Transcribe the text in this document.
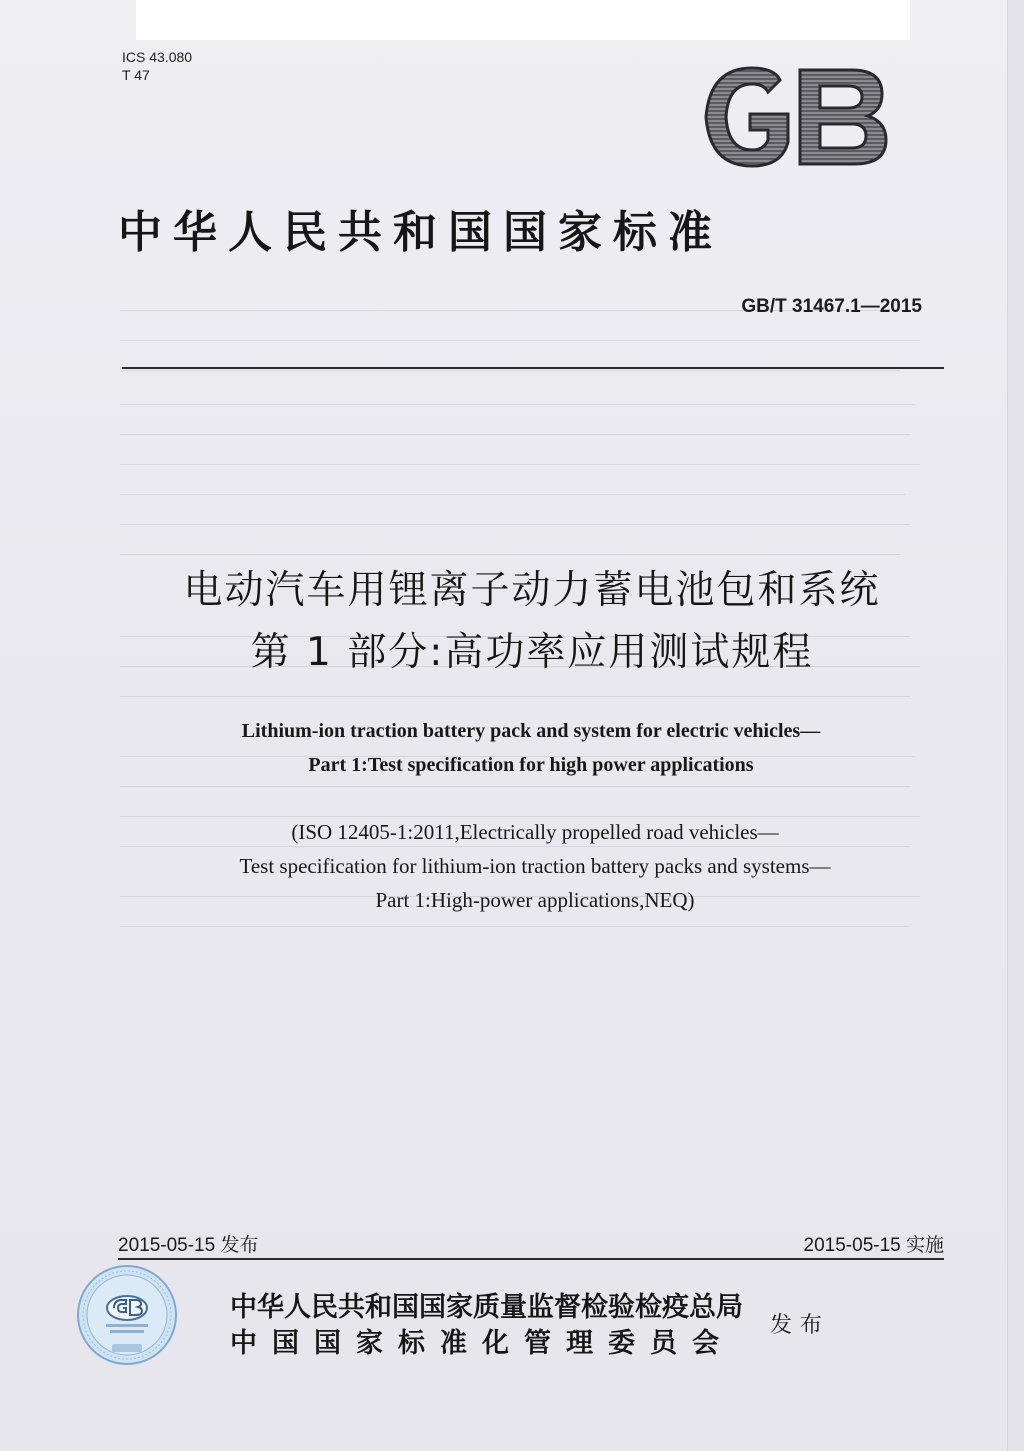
ICS 43.080
T 47
中华人民共和国国家标准
GB/T 31467.1—2015
电动汽车用锂离子动力蓄电池包和系统
第 1 部分:高功率应用测试规程
Lithium-ion traction battery pack and system for electric vehicles—
Part 1:Test specification for high power applications
(ISO 12405-1:2011,Electrically propelled road vehicles—
Test specification for lithium-ion traction battery packs and systems—
Part 1:High-power applications,NEQ)
2015-05-15 发布	2015-05-15 实施
中华人民共和国国家质量监督检验检疫总局
中国国家标准化管理委员会
发布
